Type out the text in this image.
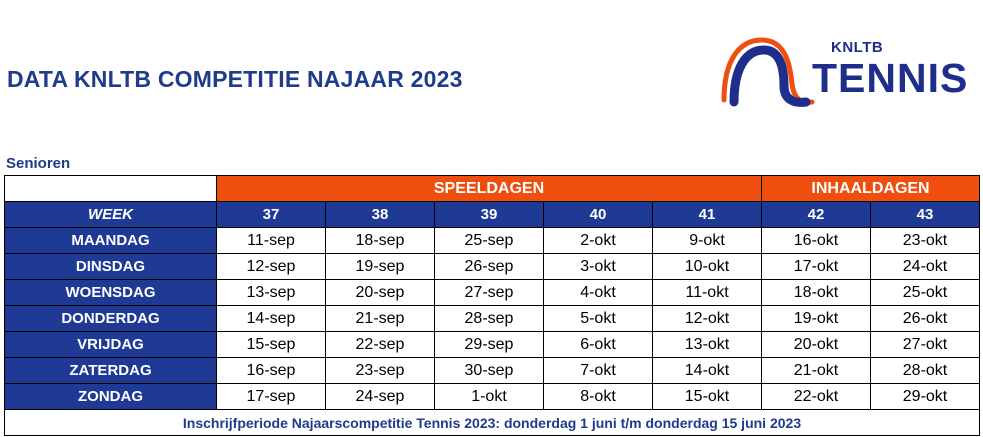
DATA KNLTB COMPETITIE NAJAAR 2023
KNLTB
TENNIS
Senioren
	SPEELDAGEN					INHAALDAGEN	
WEEK	37	38	39	40	41	42	43
MAANDAG	11-sep	18-sep	25-sep	2-okt	9-okt	16-okt	23-okt
DINSDAG	12-sep	19-sep	26-sep	3-okt	10-okt	17-okt	24-okt
WOENSDAG	13-sep	20-sep	27-sep	4-okt	11-okt	18-okt	25-okt
DONDERDAG	14-sep	21-sep	28-sep	5-okt	12-okt	19-okt	26-okt
VRIJDAG	15-sep	22-sep	29-sep	6-okt	13-okt	20-okt	27-okt
ZATERDAG	16-sep	23-sep	30-sep	7-okt	14-okt	21-okt	28-okt
ZONDAG	17-sep	24-sep	1-okt	8-okt	15-okt	22-okt	29-okt
Inschrijfperiode Najaarscompetitie Tennis 2023: donderdag 1 juni t/m donderdag 15 juni 2023							
